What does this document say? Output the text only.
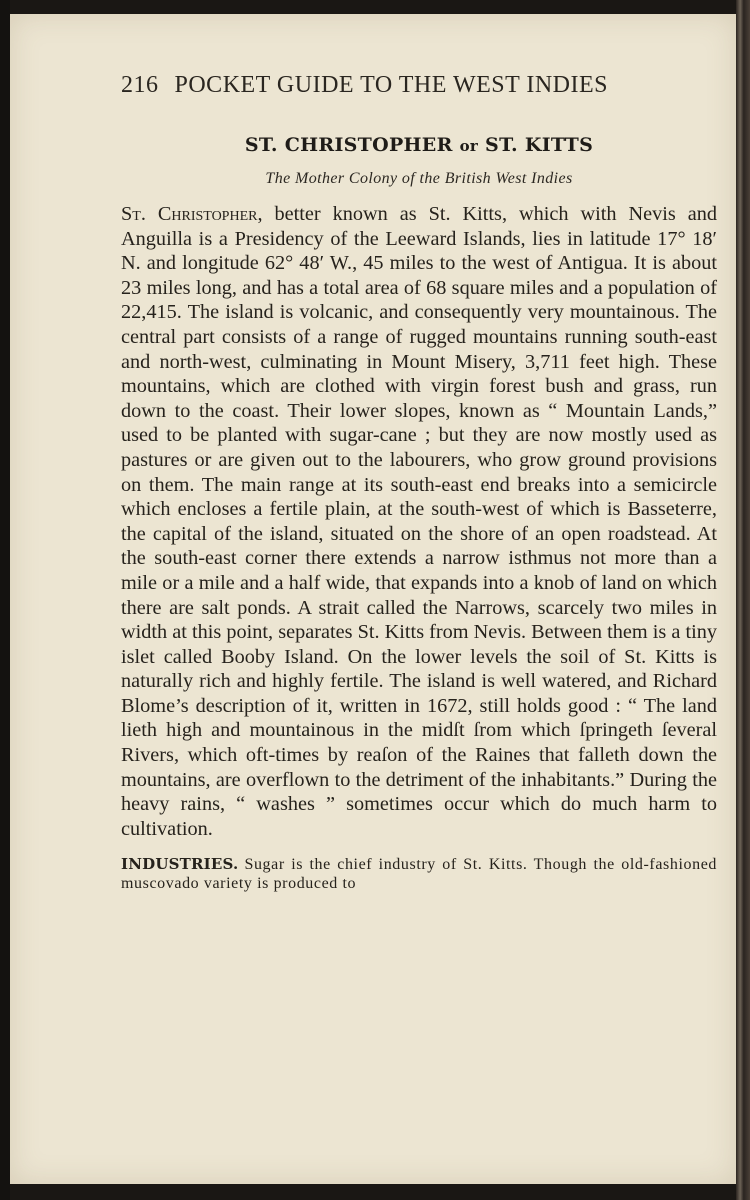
216 POCKET GUIDE TO THE WEST INDIES
ST. CHRISTOPHER or ST. KITTS
The Mother Colony of the British West Indies

St. Christopher, better known as St. Kitts, which with Nevis and Anguilla is a Presidency of the Leeward Islands, lies in latitude 17° 18′ N. and longitude 62° 48′ W., 45 miles to the west of Antigua. It is about 23 miles long, and has a total area of 68 square miles and a population of 22,415. The island is volcanic, and consequently very mountainous. The central part consists of a range of rugged mountains running south-east and north-west, culminating in Mount Misery, 3,711 feet high. These mountains, which are clothed with virgin forest bush and grass, run down to the coast. Their lower slopes, known as “ Mountain Lands,” used to be planted with sugar-cane ; but they are now mostly used as pastures or are given out to the labourers, who grow ground provisions on them. The main range at its south-east end breaks into a semicircle which encloses a fertile plain, at the south-west of which is Basseterre, the capital of the island, situated on the shore of an open roadstead. At the south-east corner there extends a narrow isthmus not more than a mile or a mile and a half wide, that expands into a knob of land on which there are salt ponds. A strait called the Narrows, scarcely two miles in width at this point, separates St. Kitts from Nevis. Between them is a tiny islet called Booby Island. On the lower levels the soil of St. Kitts is naturally rich and highly fertile. The island is well watered, and Richard Blome’s description of it, written in 1672, still holds good : “ The land lieth high and mountainous in the midſt ſrom which ſpringeth ſeveral Rivers, which oft-times by reaſon of the Raines that falleth down the mountains, are overflown to the detriment of the inhabitants.” During the heavy rains, “ washes ” sometimes occur which do much harm to cultivation.

INDUSTRIES. Sugar is the chief industry of St. Kitts. Though the old-fashioned muscovado variety is produced to
